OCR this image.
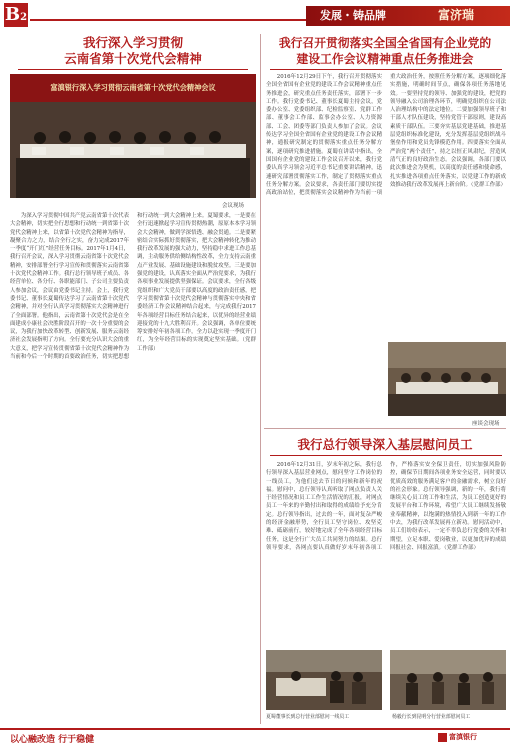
B2	发展・铸品牌	富济瑞
我行深入学习贯彻
云南省第十次党代会精神
富滇银行深入学习贯彻云南省第十次党代会精神会议
会议现场

为深入学习贯彻中国共产党云南省第十次代表大会精神，切实把全行思想和行动统一到省第十次党代会精神上来，以省第十次党代会精神为指导，凝聚合力之力，结合全行之实，奋力完成2017年一季度“开门红”经营任务目标。2017年1月4日，我行召开会议，深入学习贯彻云南省第十次党代会精神，安排部署全行学习宣传和贯彻落实云南省第十次党代会精神工作。我行总行领导班子成员、各经营单位、各分行、各职能部门、子公司主要负责人参加会议，会议由党委书记主持。会上，我行党委书记、董事长夏蜀传达学习了云南省第十次党代会精神，并对全行认真学习贯彻落实大会精神进行了全面部署。他指出，云南省第十次党代会是在全面建成小康社会决胜阶段召开的一次十分重要的会议，为我行加快改革转型、创新发展、服务云南经济社会发展指明了方向。全行要充分认识大会的重大意义，把学习宣传贯彻省第十次党代会精神作为当前和今后一个时期的首要政治任务，切实把思想和行动统一到大会精神上来。夏蜀要求，一是要在全行迅速掀起学习宣传贯彻热潮，原原本本学习领会大会精神，做到学深悟透、融会贯通。二是要紧密结合实际抓好贯彻落实，把大会精神转化为推动我行改革发展的强大动力，坚持稳中求进工作总基调，主动服务供给侧结构性改革，全力支持云南重点产业发展、基础设施建设和脱贫攻坚。三是要加强党的建设，认真落实全面从严治党要求，为我行各项事业发展提供坚强保证。会议要求，全行各级党组织和广大党员干部要以高度的政治责任感，把学习贯彻省第十次党代会精神与贯彻落实中央和省委经济工作会议精神结合起来，与完成我行2017年各项经营目标任务结合起来，以优异的经营业绩迎接党的十九大胜利召开。会议强调，各单位要统筹安排好年初各项工作，全力以赴实现一季度开门红，为全年经营目标的实现奠定坚实基础。（党群工作部）

我行召开贯彻落实全国全省国有企业党的
建设工作会议精神重点任务推进会

2016年12月29日下午，我行召开贯彻落实全国全省国有企业党的建设工作会议精神重点任务推进会，研究重点任务责任落实，部署下一步工作。我行党委书记、董事长夏蜀主持会议，党委办公室、党委组织部、纪检监察室、党群工作部、董事会工作部、监事会办公室、人力资源部、工会、团委等部门负责人参加了会议。会议传达学习全国全省国有企业党的建设工作会议精神，通报研究制定的贯彻落实重点任务分解方案，逐项研究推进措施。夏蜀在讲话中指出，全国国有企业党的建设工作会议召开以来，我行党委认真学习领会习近平总书记重要讲话精神，迅速研究部署贯彻落实工作，制定了贯彻落实重点任务分解方案。会议要求，各责任部门要切实提高政治站位，把贯彻落实会议精神作为当前一项重大政治任务，按照任务分解方案，逐项细化落实措施，明确时间节点，确保各项任务落地见效。一要坚持党的领导、加强党的建设，把党的领导融入公司治理各环节，明确党组织在公司法人治理结构中的法定地位。二要加强领导班子和干部人才队伍建设，坚持党管干部原则，建设高素质干部队伍。三要夯实基层党建基础，推进基层党组织标准化建设，充分发挥基层党组织战斗堡垒作用和党员先锋模范作用。四要落实全面从严治党“两个责任”，持之以恒正风肃纪，营造风清气正的良好政治生态。会议强调，各部门要以此次推进会为契机，以高度的责任感和使命感，扎实推进各项重点任务落实，以党建工作的新成效推动我行改革发展再上新台阶。（党群工作部）

座谈会现场
我行总行领导深入基层慰问员工

2016年12月31日，岁末年初之际，我行总行领导深入基层营业网点，慰问坚守工作岗位的一线员工，为他们送去节日的问候和新年的祝福。慰问中，总行领导认真听取了网点负责人关于经营情况和员工工作生活情况的汇报，对网点员工一年来的辛勤付出和取得的成绩给予充分肯定。总行领导指出，过去的一年，面对复杂严峻的经济金融形势，全行员工坚守岗位、攻坚克难、砥砺前行，较好地完成了全年各项经营目标任务，这是全行广大员工共同努力的结果。总行领导要求，各网点要认真做好岁末年初各项工作，严格落实安全保卫责任，切实加强风险防控，确保节日期间各项业务安全运营，同时要以优质高效的服务满足客户的金融需求，树立良好的社会形象。总行领导强调，新的一年，我行将继续关心员工的工作和生活，为员工创造更好的发展平台和工作环境，希望广大员工继续发扬敬业奉献精神，以饱满的热情投入到新一年的工作中去，为我行改革发展再立新功。慰问活动中，员工们纷纷表示，一定不辜负总行党委的关怀和期望，立足本职、爱岗敬业，以更加优异的成绩回报社会、回报富滇。（党群工作部）

夏蜀董事长到总行营业部慰问一线员工	杨毅行长到昆明分行营业部慰问员工
以心融改造 行于稳健	富滇银行
